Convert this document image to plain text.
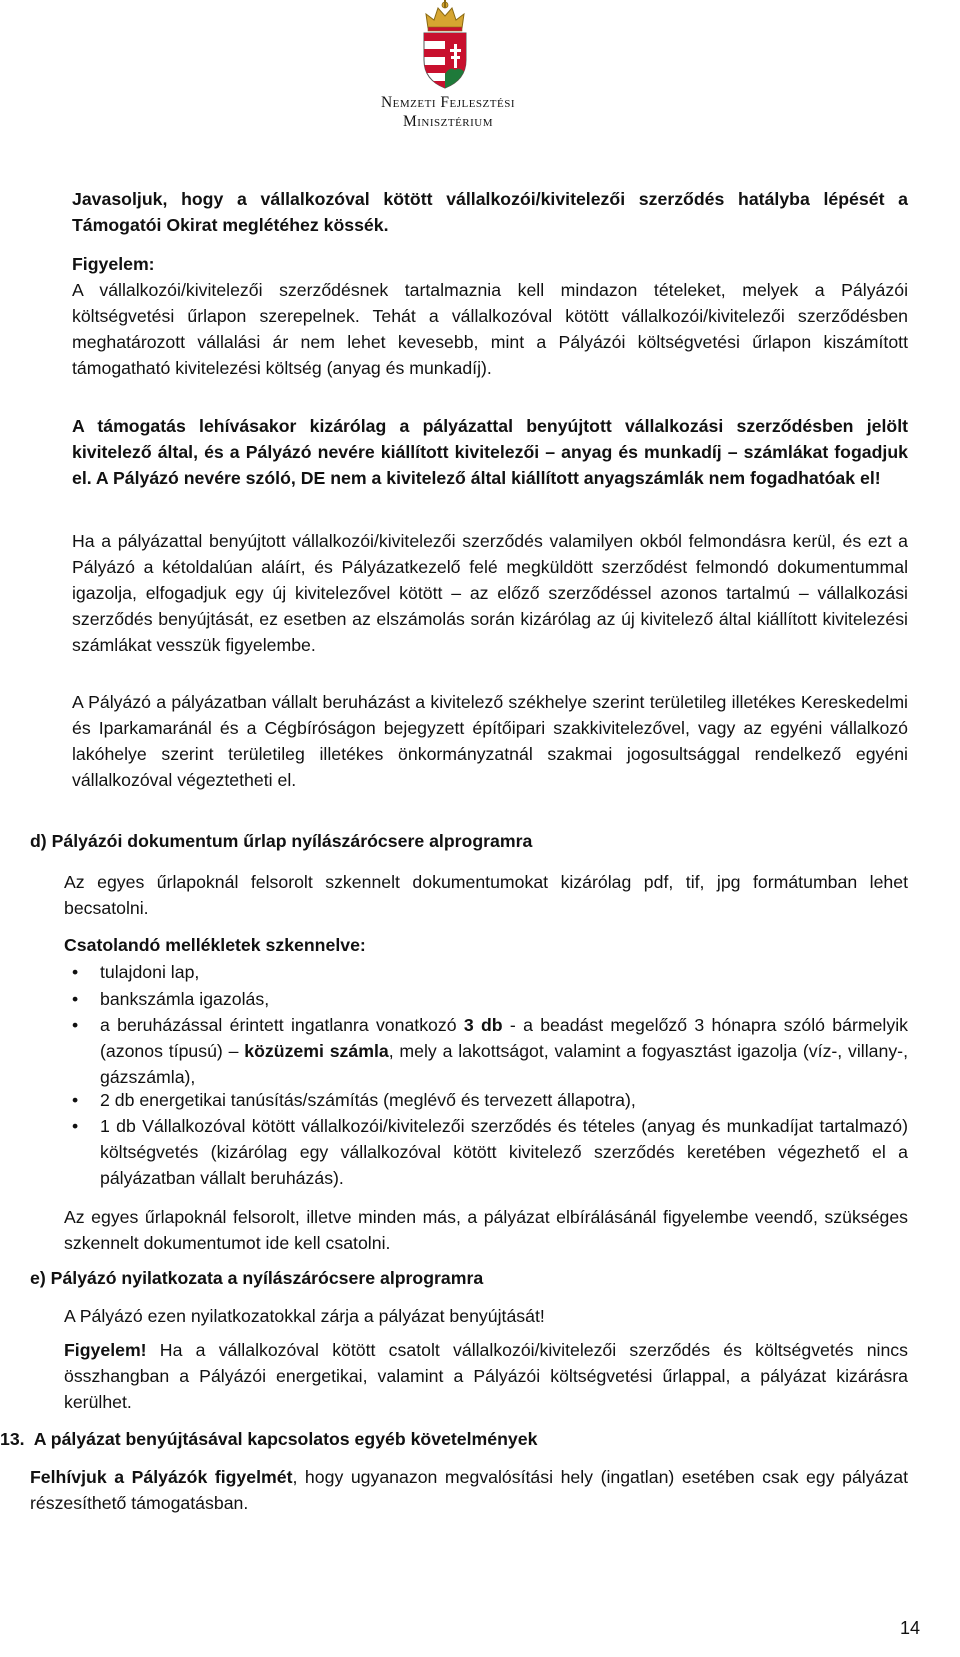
Nemzeti Fejlesztési
Minisztérium

Javasoljuk, hogy a vállalkozóval kötött vállalkozói/kivitelezői szerződés hatályba lépését a Támogatói Okirat meglétéhez kössék.

Figyelem:

A vállalkozói/kivitelezői szerződésnek tartalmaznia kell mindazon tételeket, melyek a Pályázói költségvetési űrlapon szerepelnek. Tehát a vállalkozóval kötött vállalkozói/kivitelezői szerződésben meghatározott vállalási ár nem lehet kevesebb, mint a Pályázói költségvetési űrlapon kiszámított támogatható kivitelezési költség (anyag és munkadíj).

A támogatás lehívásakor kizárólag a pályázattal benyújtott vállalkozási szerződésben jelölt kivitelező által, és a Pályázó nevére kiállított kivitelezői – anyag és munkadíj – számlákat fogadjuk el. A Pályázó nevére szóló, DE nem a kivitelező által kiállított anyagszámlák nem fogadhatóak el!

Ha a pályázattal benyújtott vállalkozói/kivitelezői szerződés valamilyen okból felmondásra kerül, és ezt a Pályázó a kétoldalúan aláírt, és Pályázatkezelő felé megküldött szerződést felmondó dokumentummal igazolja, elfogadjuk egy új kivitelezővel kötött – az előző szerződéssel azonos tartalmú – vállalkozási szerződés benyújtását, ez esetben az elszámolás során kizárólag az új kivitelező által kiállított kivitelezési számlákat vesszük figyelembe.

A Pályázó a pályázatban vállalt beruházást a kivitelező székhelye szerint területileg illetékes Kereskedelmi és Iparkamaránál és a Cégbíróságon bejegyzett építőipari szakkivitelezővel, vagy az egyéni vállalkozó lakóhelye szerint területileg illetékes önkormányzatnál szakmai jogosultsággal rendelkező egyéni vállalkozóval végeztetheti el.

d) Pályázói dokumentum űrlap nyílászárócsere alprogramra

Az egyes űrlapoknál felsorolt szkennelt dokumentumokat kizárólag pdf, tif, jpg formátumban lehet becsatolni.

Csatolandó mellékletek szkennelve:
• tulajdoni lap,
• bankszámla igazolás,
• a beruházással érintett ingatlanra vonatkozó 3 db - a beadást megelőző 3 hónapra szóló bármelyik (azonos típusú) – közüzemi számla, mely a lakottságot, valamint a fogyasztást igazolja (víz-, villany-, gázszámla),
• 2 db energetikai tanúsítás/számítás (meglévő és tervezett állapotra),
• 1 db Vállalkozóval kötött vállalkozói/kivitelezői szerződés és tételes (anyag és munkadíjat tartalmazó) költségvetés (kizárólag egy vállalkozóval kötött kivitelező szerződés keretében végezhető el a pályázatban vállalt beruházás).

Az egyes űrlapoknál felsorolt, illetve minden más, a pályázat elbírálásánál figyelembe veendő, szükséges szkennelt dokumentumot ide kell csatolni.

e) Pályázó nyilatkozata a nyílászárócsere alprogramra

A Pályázó ezen nyilatkozatokkal zárja a pályázat benyújtását!

Figyelem! Ha a vállalkozóval kötött csatolt vállalkozói/kivitelezői szerződés és költségvetés nincs összhangban a Pályázói energetikai, valamint a Pályázói költségvetési űrlappal, a pályázat kizárásra kerülhet.

13.  A pályázat benyújtásával kapcsolatos egyéb követelmények

Felhívjuk a Pályázók figyelmét, hogy ugyanazon megvalósítási hely (ingatlan) esetében csak egy pályázat részesíthető támogatásban.

14
